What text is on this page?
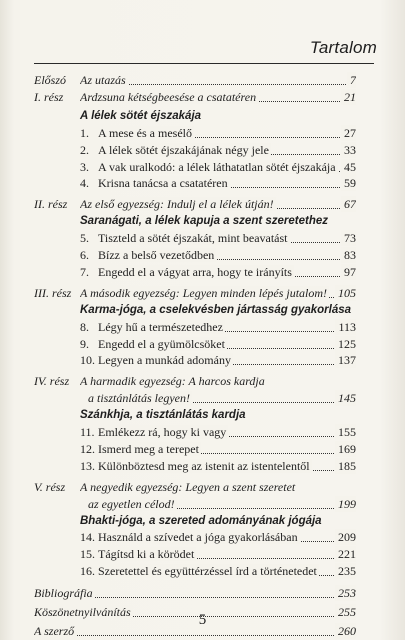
Tartalom
Előszó Az utazás	7
I. rész Ardzsuna kétségbeesése a csatatéren	21
A lélek sötét éjszakája
1. A mese és a mesélő	27
2. A lélek sötét éjszakájának négy jele	33
3. A vak uralkodó: a lélek láthatatlan sötét éjszakája 45
4. Krisna tanácsa a csatatéren	59
II. rész Az első egyezség: Indulj el a lélek útján!	67
Saranágati, a lélek kapuja a szent szeretethez
5. Tiszteld a sötét éjszakát, mint beavatást	73
6. Bízz a belső vezetődben	83
7. Engedd el a vágyat arra, hogy te irányíts	97
III. rész A második egyezség: Legyen minden lépés jutalom! 105
Karma-jóga, a cselekvésben jártasság gyakorlása
8. Légy hű a természetedhez	113
9. Engedd el a gyümölcsöket	125
10. Legyen a munkád adomány	137
IV. rész A harmadik egyezség: A harcos kardja
a tisztánlátás legyen!	145
Szánkhja, a tisztánlátás kardja
11. Emlékezz rá, hogy ki vagy	155
12. Ismerd meg a terepet	169
13. Különböztesd meg az istenit az istentelentől 185
V. rész A negyedik egyezség: Legyen a szent szeretet
az egyetlen célod!	199
Bhakti-jóga, a szereted adományának jógája
14. Használd a szívedet a jóga gyakorlásában	209
15. Tágítsd ki a körödet	221
16. Szeretettel és együttérzéssel írd a történetedet 235
Bibliográfia	253
Köszönetnyilvánítás	255
A szerző	260
5
